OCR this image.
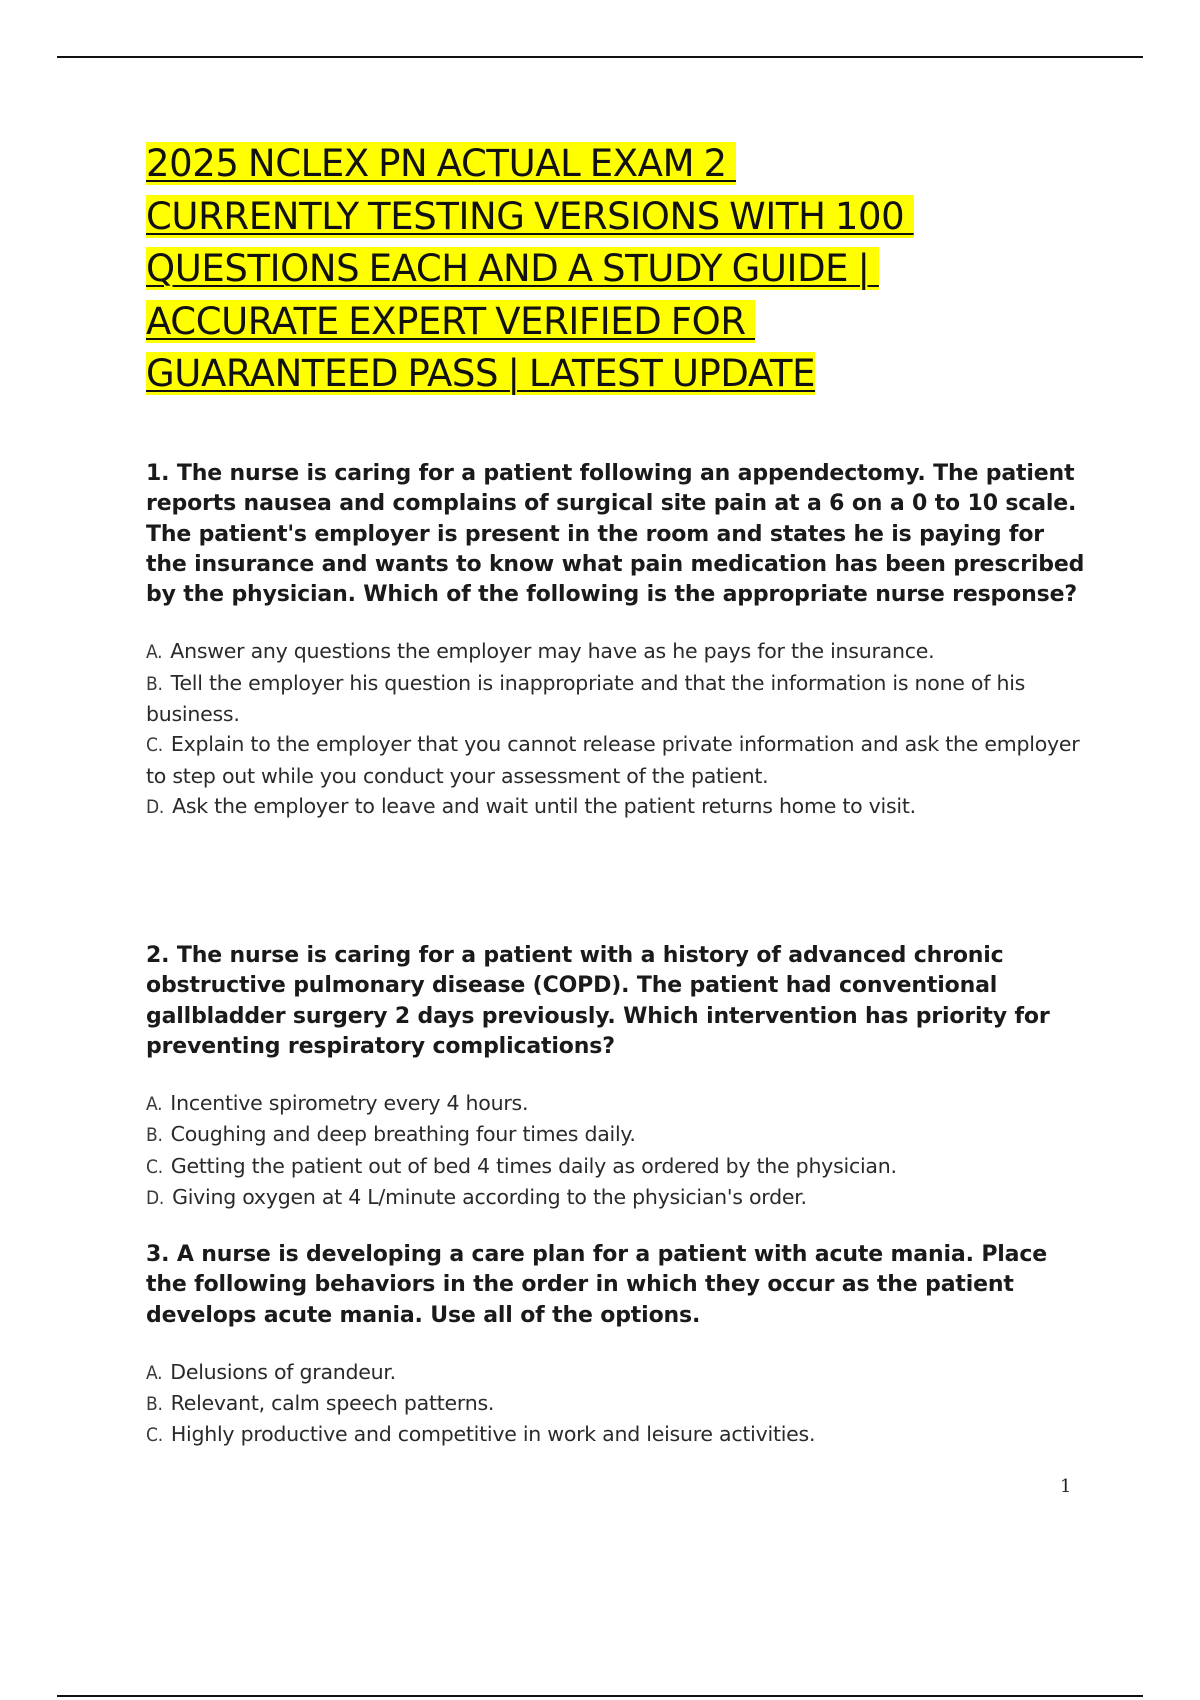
2025 NCLEX PN ACTUAL EXAM 2
CURRENTLY TESTING VERSIONS WITH 100
QUESTIONS EACH AND A STUDY GUIDE |
ACCURATE EXPERT VERIFIED FOR
GUARANTEED PASS | LATEST UPDATE

1. The nurse is caring for a patient following an appendectomy. The patient reports nausea and complains of surgical site pain at a 6 on a 0 to 10 scale. The patient's employer is present in the room and states he is paying for the insurance and wants to know what pain medication has been prescribed by the physician. Which of the following is the appropriate nurse response?

A. Answer any questions the employer may have as he pays for the insurance.
B. Tell the employer his question is inappropriate and that the information is none of his business.
C. Explain to the employer that you cannot release private information and ask the employer to step out while you conduct your assessment of the patient.
D. Ask the employer to leave and wait until the patient returns home to visit.

2. The nurse is caring for a patient with a history of advanced chronic obstructive pulmonary disease (COPD). The patient had conventional gallbladder surgery 2 days previously. Which intervention has priority for preventing respiratory complications?

A. Incentive spirometry every 4 hours.
B. Coughing and deep breathing four times daily.
C. Getting the patient out of bed 4 times daily as ordered by the physician.
D. Giving oxygen at 4 L/minute according to the physician's order.

3. A nurse is developing a care plan for a patient with acute mania. Place the following behaviors in the order in which they occur as the patient develops acute mania. Use all of the options.

A. Delusions of grandeur.
B. Relevant, calm speech patterns.
C. Highly productive and competitive in work and leisure activities.
1
